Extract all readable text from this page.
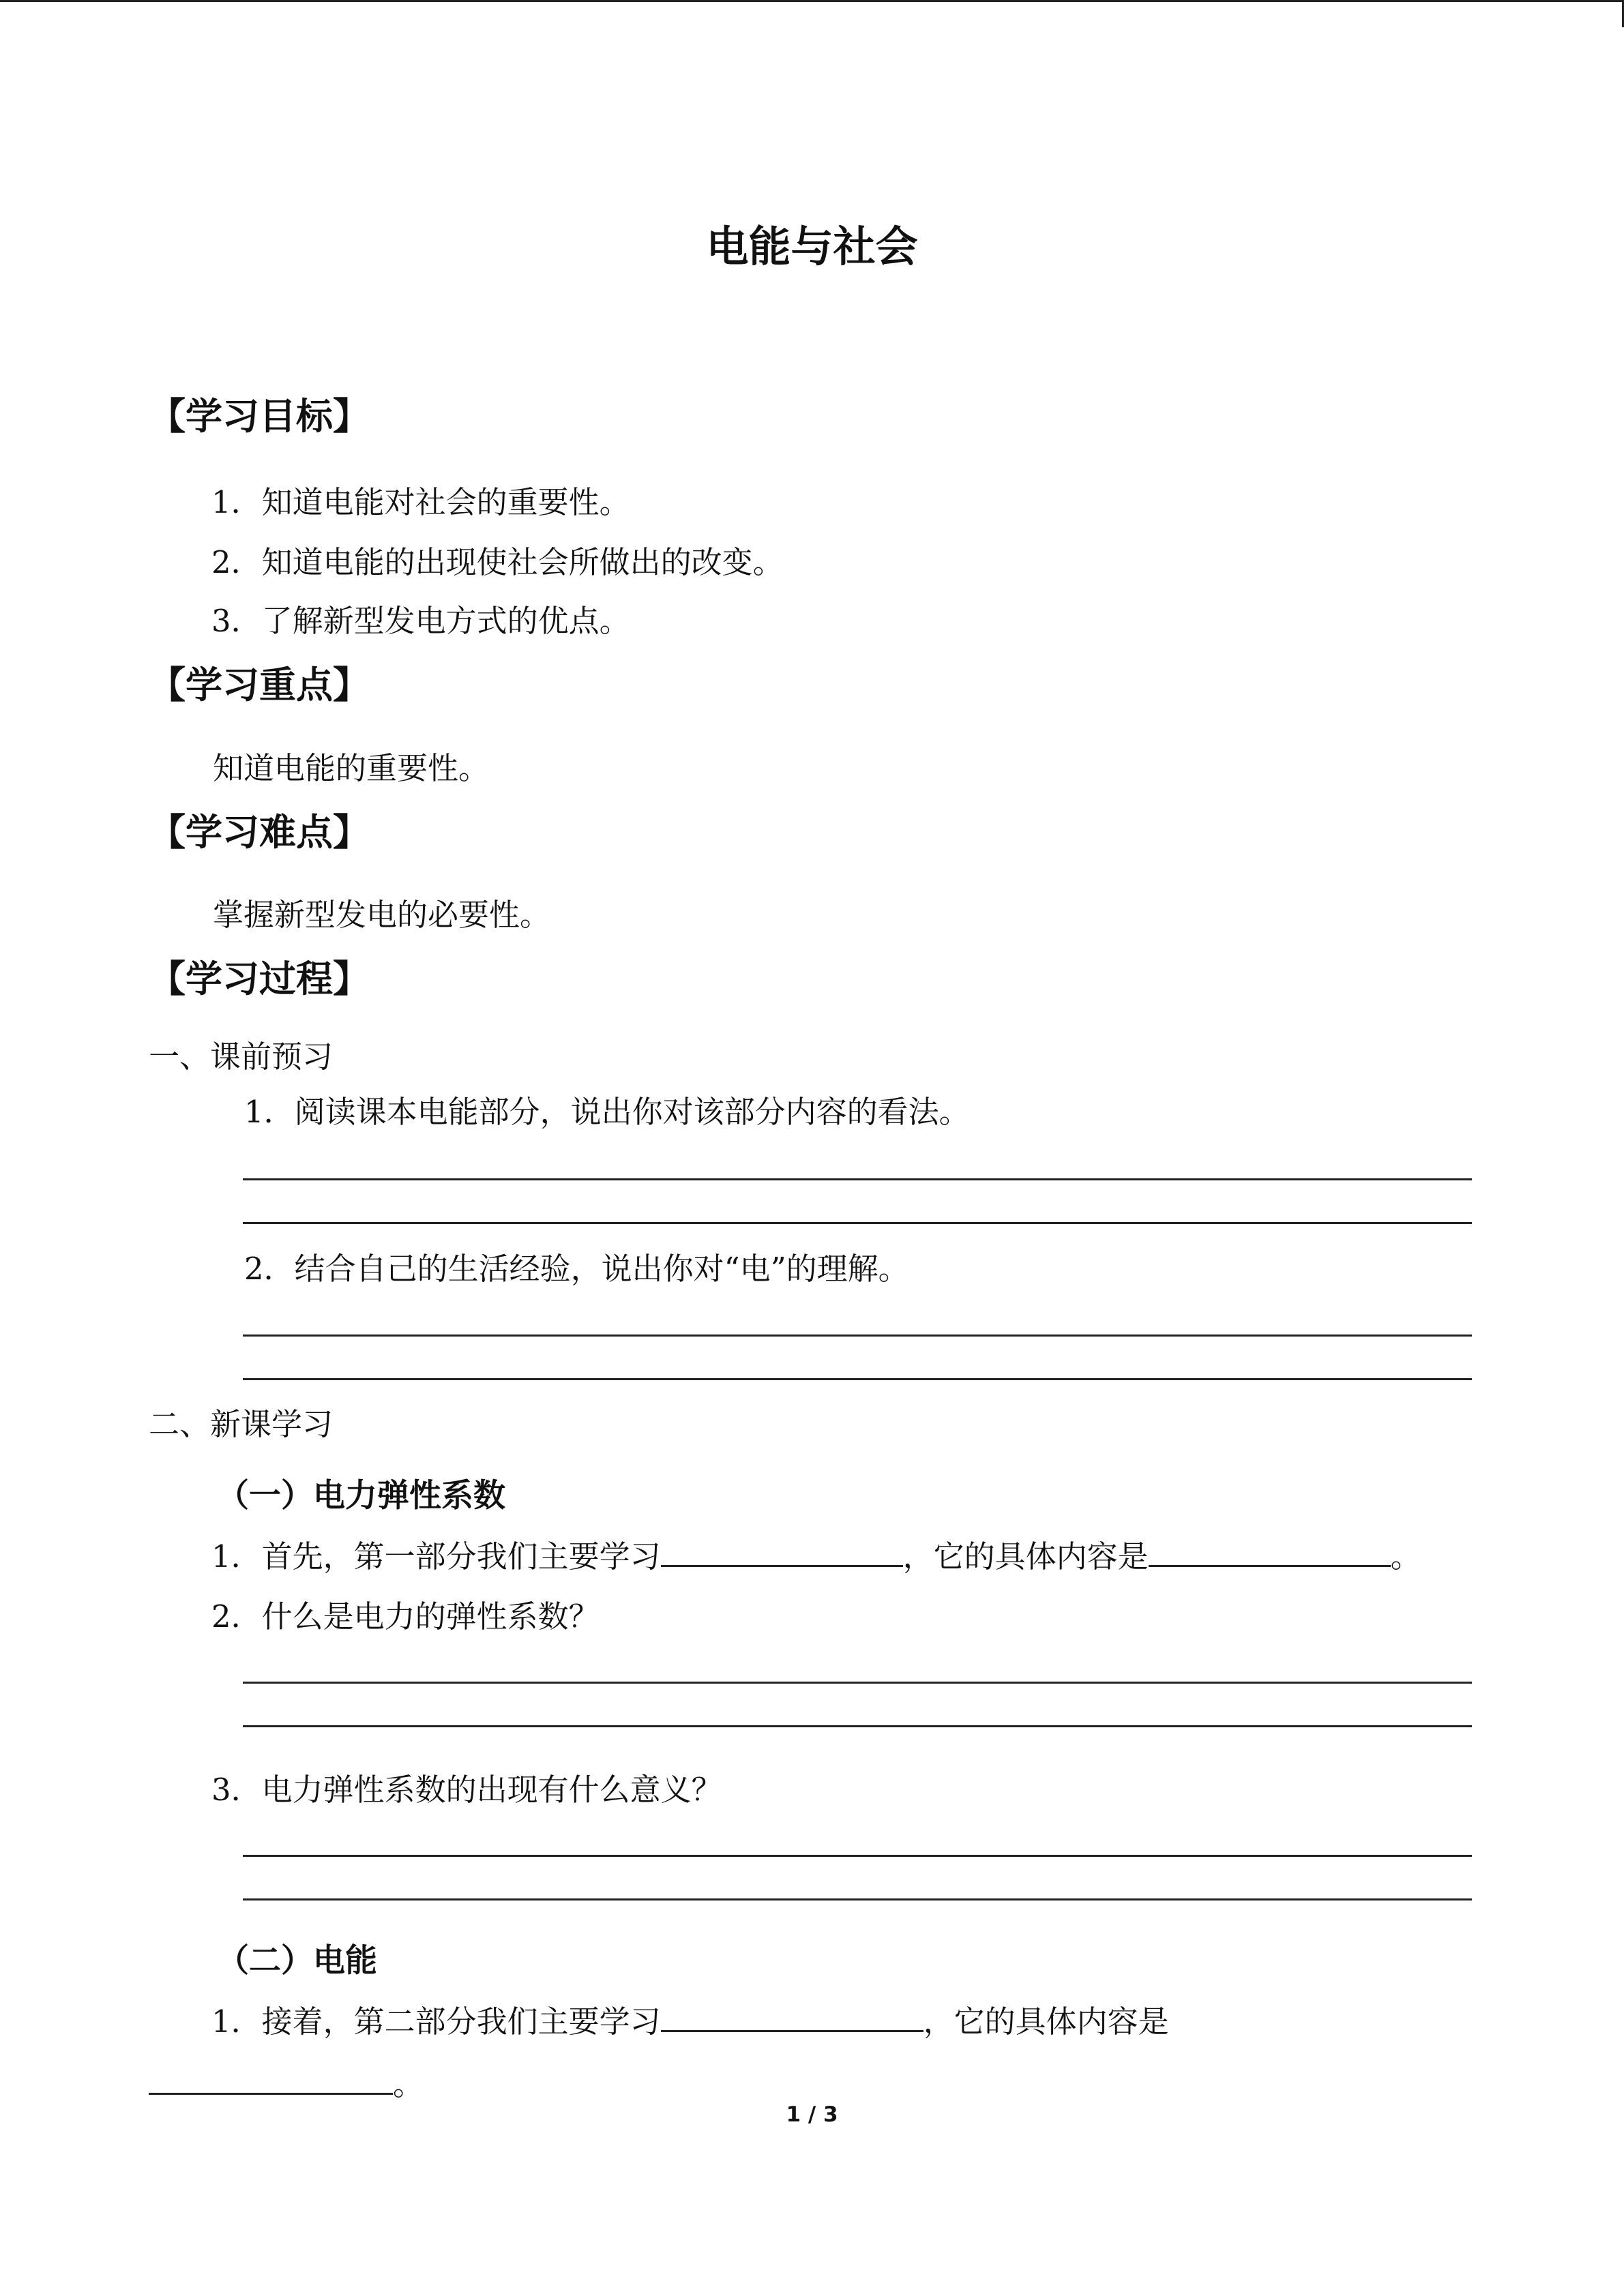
电能与社会
【学习目标】
1．知道电能对社会的重要性。
2．知道电能的出现使社会所做出的改变。
3．了解新型发电方式的优点。
【学习重点】
知道电能的重要性。
【学习难点】
掌握新型发电的必要性。
【学习过程】
一、课前预习
1．阅读课本电能部分，说出你对该部分内容的看法。
2．结合自己的生活经验，说出你对“电”的理解。
二、新课学习
（一）电力弹性系数
1．首先，第一部分我们主要学习	，它的具体内容是	。
2．什么是电力的弹性系数？
3．电力弹性系数的出现有什么意义？
（二）电能
1．接着，第二部分我们主要学习	，它的具体内容是
。
1 / 3
